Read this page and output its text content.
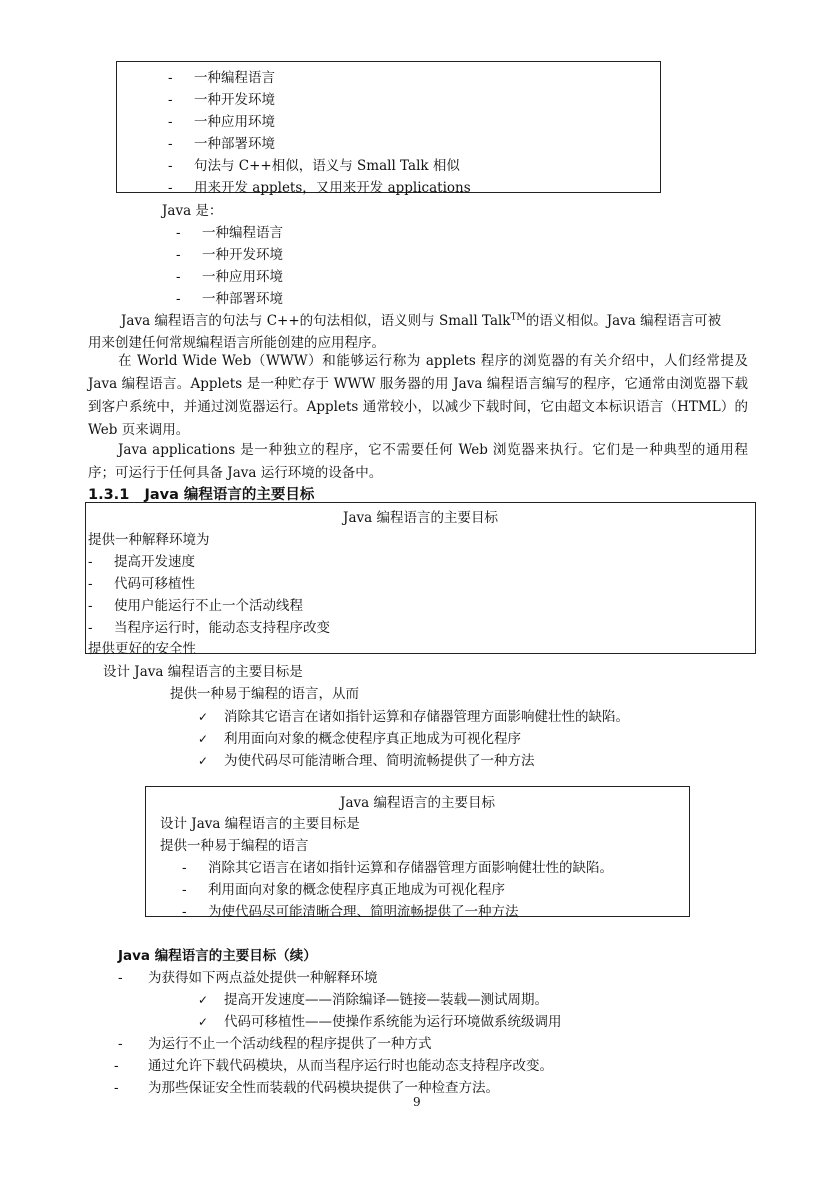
- 一种编程语言
- 一种开发环境
- 一种应用环境
- 一种部署环境
- 句法与 C++相似，语义与 Small Talk 相似
- 用来开发 applets，又用来开发 applications
Java 是：
- 一种编程语言
- 一种开发环境
- 一种应用环境
- 一种部署环境
Java 编程语言的句法与 C++的句法相似，语义则与 Small Talk™的语义相似。Java 编程语言可被
用来创建任何常规编程语言所能创建的应用程序。
在 World Wide Web（WWW）和能够运行称为 applets 程序的浏览器的有关介绍中，人们经常提及 Java 编程语言。Applets 是一种贮存于 WWW 服务器的用 Java 编程语言编写的程序，它通常由浏览器下载到客户系统中，并通过浏览器运行。Applets 通常较小，以减少下载时间，它由超文本标识语言（HTML）的 Web 页来调用。
Java applications 是一种独立的程序，它不需要任何 Web 浏览器来执行。它们是一种典型的通用程序；可运行于任何具备 Java 运行环境的设备中。
1.3.1 Java 编程语言的主要目标
Java 编程语言的主要目标
提供一种解释环境为
- 提高开发速度
- 代码可移植性
- 使用户能运行不止一个活动线程
- 当程序运行时，能动态支持程序改变
提供更好的安全性
设计 Java 编程语言的主要目标是
提供一种易于编程的语言，从而
✓ 消除其它语言在诸如指针运算和存储器管理方面影响健壮性的缺陷。
✓ 利用面向对象的概念使程序真正地成为可视化程序
✓ 为使代码尽可能清晰合理、简明流畅提供了一种方法
Java 编程语言的主要目标
设计 Java 编程语言的主要目标是
提供一种易于编程的语言
- 消除其它语言在诸如指针运算和存储器管理方面影响健壮性的缺陷。
- 利用面向对象的概念使程序真正地成为可视化程序
- 为使代码尽可能清晰合理、简明流畅提供了一种方法
Java 编程语言的主要目标（续）
- 为获得如下两点益处提供一种解释环境
✓ 提高开发速度——消除编译—链接—装载—测试周期。
✓ 代码可移植性——使操作系统能为运行环境做系统级调用
- 为运行不止一个活动线程的程序提供了一种方式
- 通过允许下载代码模块，从而当程序运行时也能动态支持程序改变。
- 为那些保证安全性而装载的代码模块提供了一种检查方法。
9
